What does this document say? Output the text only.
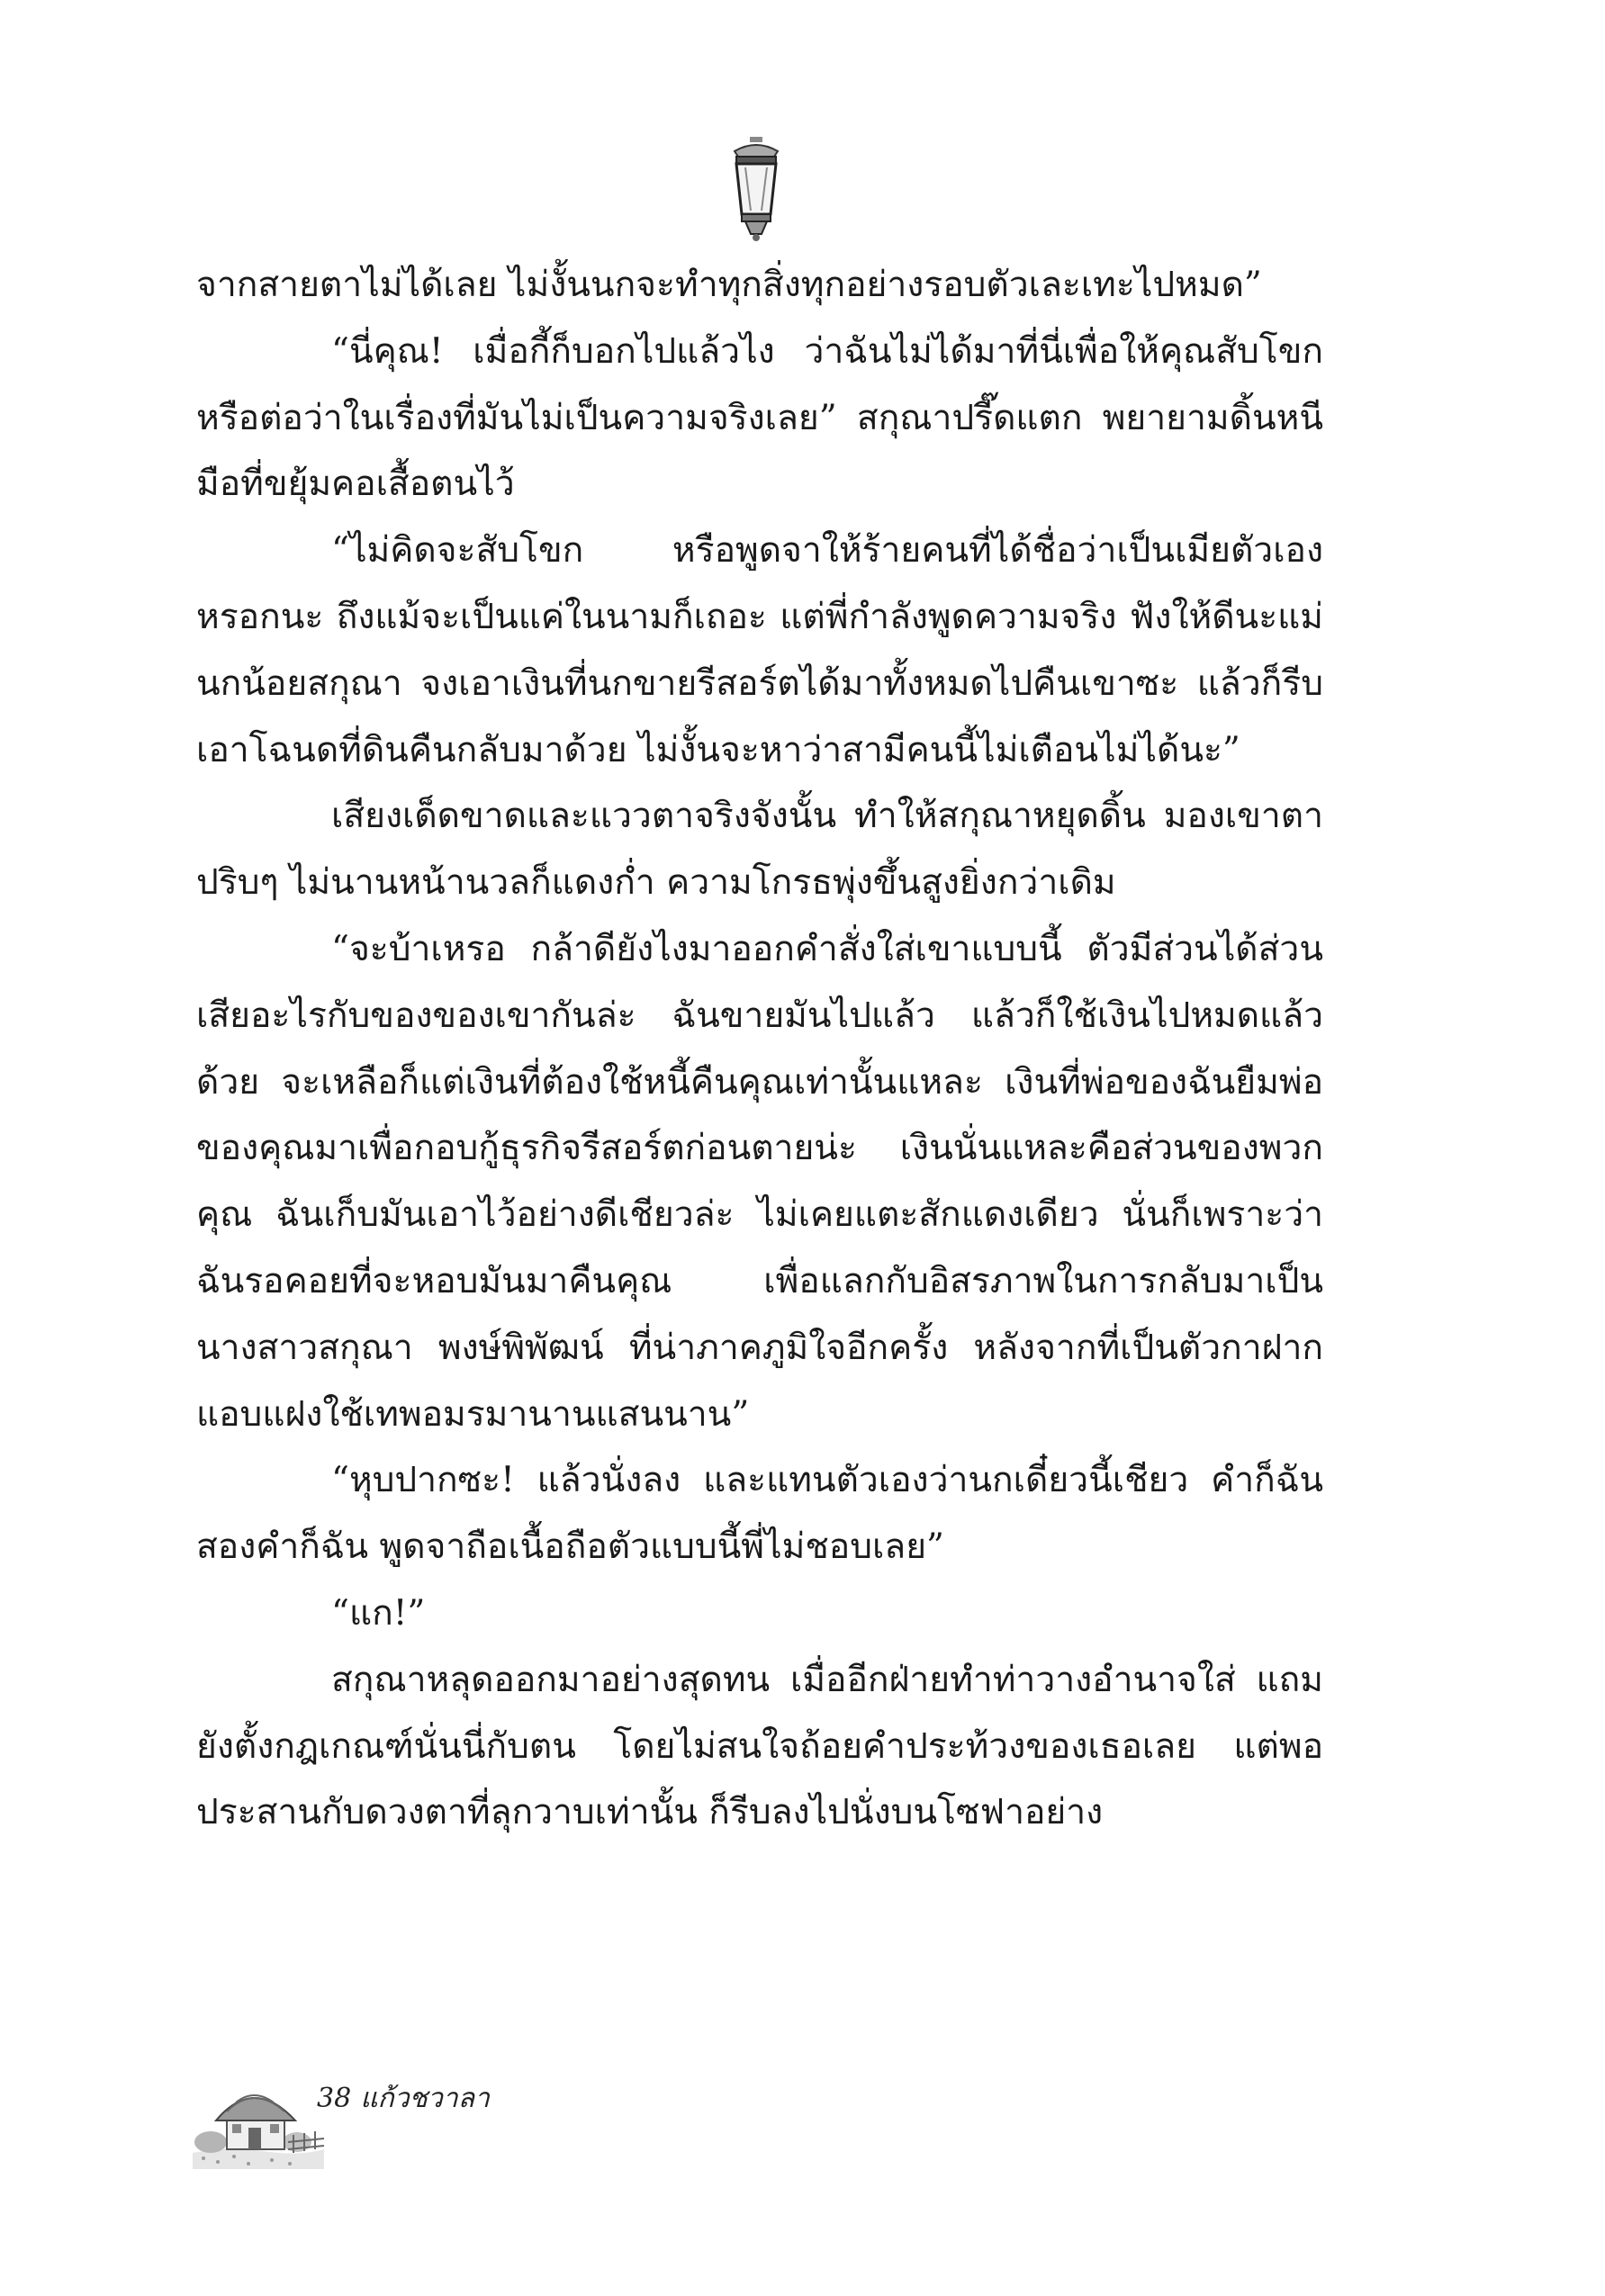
จากสายตาไม่ได้เลย ไม่งั้นนกจะทำทุกสิ่งทุกอย่างรอบตัวเละเทะไปหมด”

“นี่คุณ! เมื่อกี้ก็บอกไปแล้วไง ว่าฉันไม่ได้มาที่นี่เพื่อให้คุณสับโขก หรือต่อว่าในเรื่องที่มันไม่เป็นความจริงเลย” สกุณาปรี๊ดแตก พยายามดิ้นหนีมือที่ขยุ้มคอเสื้อตนไว้

“ไม่คิดจะสับโขก หรือพูดจาให้ร้ายคนที่ได้ชื่อว่าเป็นเมียตัวเองหรอกนะ ถึงแม้จะเป็นแค่ในนามก็เถอะ แต่พี่กำลังพูดความจริง ฟังให้ดีนะแม่นกน้อยสกุณา จงเอาเงินที่นกขายรีสอร์ตได้มาทั้งหมดไปคืนเขาซะ แล้วก็รีบเอาโฉนดที่ดินคืนกลับมาด้วย ไม่งั้นจะหาว่าสามีคนนี้ไม่เตือนไม่ได้นะ”

เสียงเด็ดขาดและแววตาจริงจังนั้น ทำให้สกุณาหยุดดิ้น มองเขาตาปริบๆ ไม่นานหน้านวลก็แดงก่ำ ความโกรธพุ่งขึ้นสูงยิ่งกว่าเดิม

“จะบ้าเหรอ กล้าดียังไงมาออกคำสั่งใส่เขาแบบนี้ ตัวมีส่วนได้ส่วนเสียอะไรกับของของเขากันล่ะ ฉันขายมันไปแล้ว แล้วก็ใช้เงินไปหมดแล้วด้วย จะเหลือก็แต่เงินที่ต้องใช้หนี้คืนคุณเท่านั้นแหละ เงินที่พ่อของฉันยืมพ่อของคุณมาเพื่อกอบกู้ธุรกิจรีสอร์ตก่อนตายน่ะ เงินนั่นแหละคือส่วนของพวกคุณ ฉันเก็บมันเอาไว้อย่างดีเชียวล่ะ ไม่เคยแตะสักแดงเดียว นั่นก็เพราะว่าฉันรอคอยที่จะหอบมันมาคืนคุณ เพื่อแลกกับอิสรภาพในการกลับมาเป็นนางสาวสกุณา พงษ์พิพัฒน์ ที่น่าภาคภูมิใจอีกครั้ง หลังจากที่เป็นตัวกาฝากแอบแฝงใช้เทพอมรมานานแสนนาน”

“หุบปากซะ! แล้วนั่งลง และแทนตัวเองว่านกเดี๋ยวนี้เชียว คำก็ฉันสองคำก็ฉัน พูดจาถือเนื้อถือตัวแบบนี้พี่ไม่ชอบเลย”

“แก!”

สกุณาหลุดออกมาอย่างสุดทน เมื่ออีกฝ่ายทำท่าวางอำนาจใส่ แถมยังตั้งกฎเกณฑ์นั่นนี่กับตน โดยไม่สนใจถ้อยคำประท้วงของเธอเลย แต่พอประสานกับดวงตาที่ลุกวาบเท่านั้น ก็รีบลงไปนั่งบนโซฟาอย่าง

38 แก้วชวาลา
